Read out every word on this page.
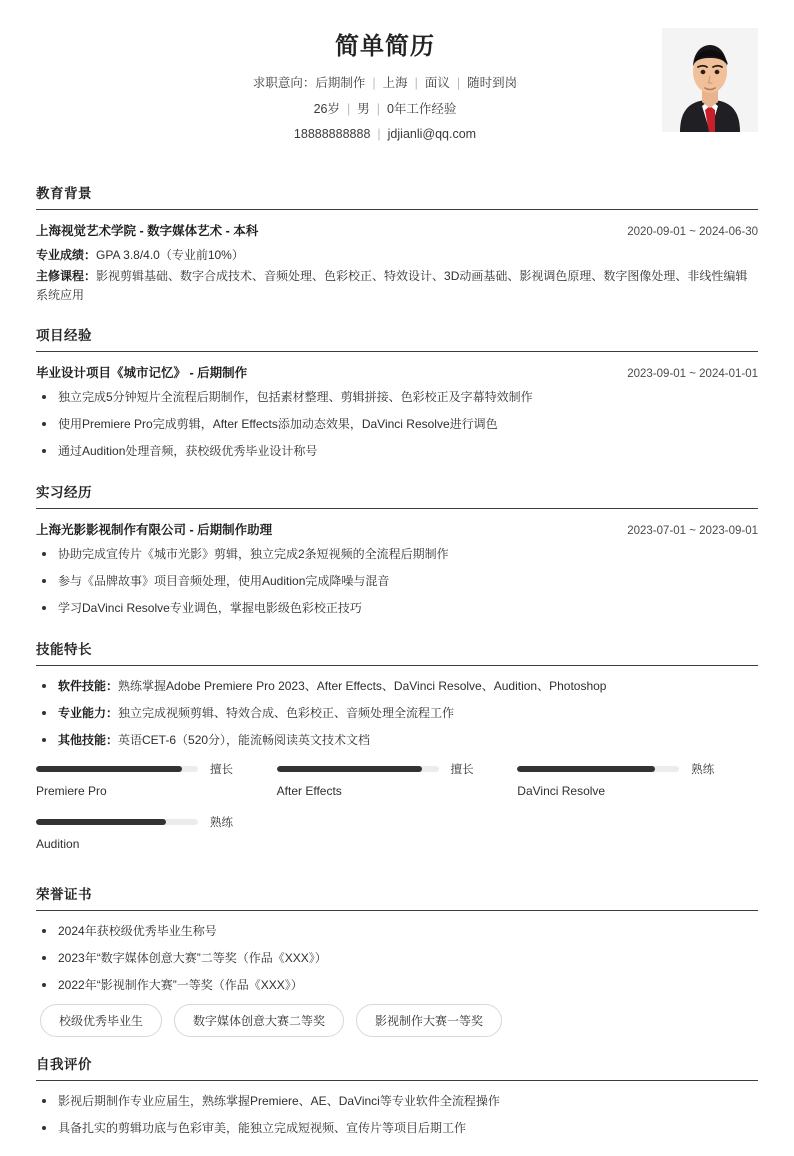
简单简历
求职意向：后期制作 | 上海 | 面议 | 随时到岗
26岁 | 男 | 0年工作经验
18888888888 | jdjianli@qq.com
教育背景
上海视觉艺术学院 - 数字媒体艺术 - 本科	2020-09-01 ~ 2024-06-30
专业成绩：GPA 3.8/4.0（专业前10%）
主修课程：影视剪辑基础、数字合成技术、音频处理、色彩校正、特效设计、3D动画基础、影视调色原理、数字图像处理、非线性编辑系统应用
项目经验
毕业设计项目《城市记忆》 - 后期制作	2023-09-01 ~ 2024-01-01
独立完成5分钟短片全流程后期制作，包括素材整理、剪辑拼接、色彩校正及字幕特效制作
使用Premiere Pro完成剪辑，After Effects添加动态效果，DaVinci Resolve进行调色
通过Audition处理音频，获校级优秀毕业设计称号
实习经历
上海光影影视制作有限公司 - 后期制作助理	2023-07-01 ~ 2023-09-01
协助完成宣传片《城市光影》剪辑，独立完成2条短视频的全流程后期制作
参与《品牌故事》项目音频处理，使用Audition完成降噪与混音
学习DaVinci Resolve专业调色，掌握电影级色彩校正技巧
技能特长
软件技能：熟练掌握Adobe Premiere Pro 2023、After Effects、DaVinci Resolve、Audition、Photoshop
专业能力：独立完成视频剪辑、特效合成、色彩校正、音频处理全流程工作
其他技能：英语CET-6（520分），能流畅阅读英文技术文档
擅长
Premiere Pro
擅长
After Effects
熟练
DaVinci Resolve
熟练
Audition
荣誉证书
2024年获校级优秀毕业生称号
2023年“数字媒体创意大赛”二等奖（作品《XXX》）
2022年“影视制作大赛”一等奖（作品《XXX》）
校级优秀毕业生	数字媒体创意大赛二等奖	影视制作大赛一等奖
自我评价
影视后期制作专业应届生，熟练掌握Premiere、AE、DaVinci等专业软件全流程操作
具备扎实的剪辑功底与色彩审美，能独立完成短视频、宣传片等项目后期工作
